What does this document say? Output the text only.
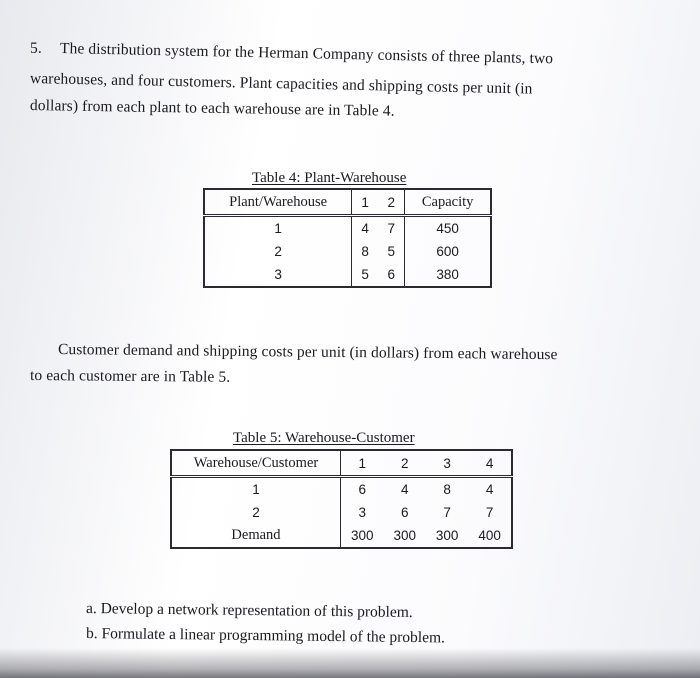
5. The distribution system for the Herman Company consists of three plants, two
warehouses, and four customers. Plant capacities and shipping costs per unit (in
dollars) from each plant to each warehouse are in Table 4.
Table 4: Plant-Warehouse
Plant/Warehouse	1	2	Capacity
1	4	7	450
2	8	5	600
3	5	6	380
Customer demand and shipping costs per unit (in dollars) from each warehouse
to each customer are in Table 5.
Table 5: Warehouse-Customer
Warehouse/Customer	1	2	3	4
1	6	4	8	4
2	3	6	7	7
Demand	300	300	300	400
a. Develop a network representation of this problem.
b. Formulate a linear programming model of the problem.
